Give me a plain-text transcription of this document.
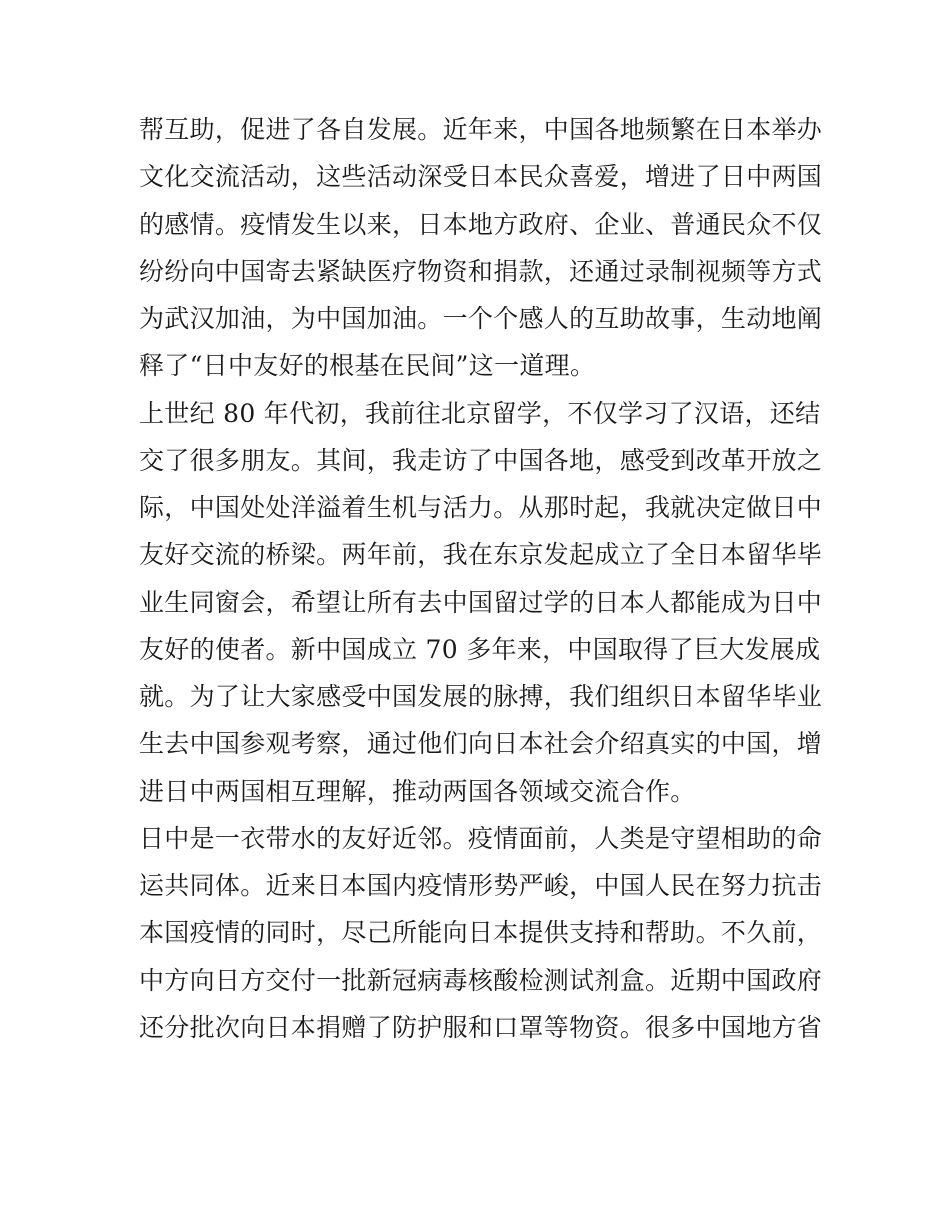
帮互助，促进了各自发展。近年来，中国各地频繁在日本举办
文化交流活动，这些活动深受日本民众喜爱，增进了日中两国
的感情。疫情发生以来，日本地方政府、企业、普通民众不仅
纷纷向中国寄去紧缺医疗物资和捐款，还通过录制视频等方式
为武汉加油，为中国加油。一个个感人的互助故事，生动地阐
释了“日中友好的根基在民间”这一道理。
上世纪 80 年代初，我前往北京留学，不仅学习了汉语，还结
交了很多朋友。其间，我走访了中国各地，感受到改革开放之
际，中国处处洋溢着生机与活力。从那时起，我就决定做日中
友好交流的桥梁。两年前，我在东京发起成立了全日本留华毕
业生同窗会，希望让所有去中国留过学的日本人都能成为日中
友好的使者。新中国成立 70 多年来，中国取得了巨大发展成
就。为了让大家感受中国发展的脉搏，我们组织日本留华毕业
生去中国参观考察，通过他们向日本社会介绍真实的中国，增
进日中两国相互理解，推动两国各领域交流合作。
日中是一衣带水的友好近邻。疫情面前，人类是守望相助的命
运共同体。近来日本国内疫情形势严峻，中国人民在努力抗击
本国疫情的同时，尽己所能向日本提供支持和帮助。不久前，
中方向日方交付一批新冠病毒核酸检测试剂盒。近期中国政府
还分批次向日本捐赠了防护服和口罩等物资。很多中国地方省
